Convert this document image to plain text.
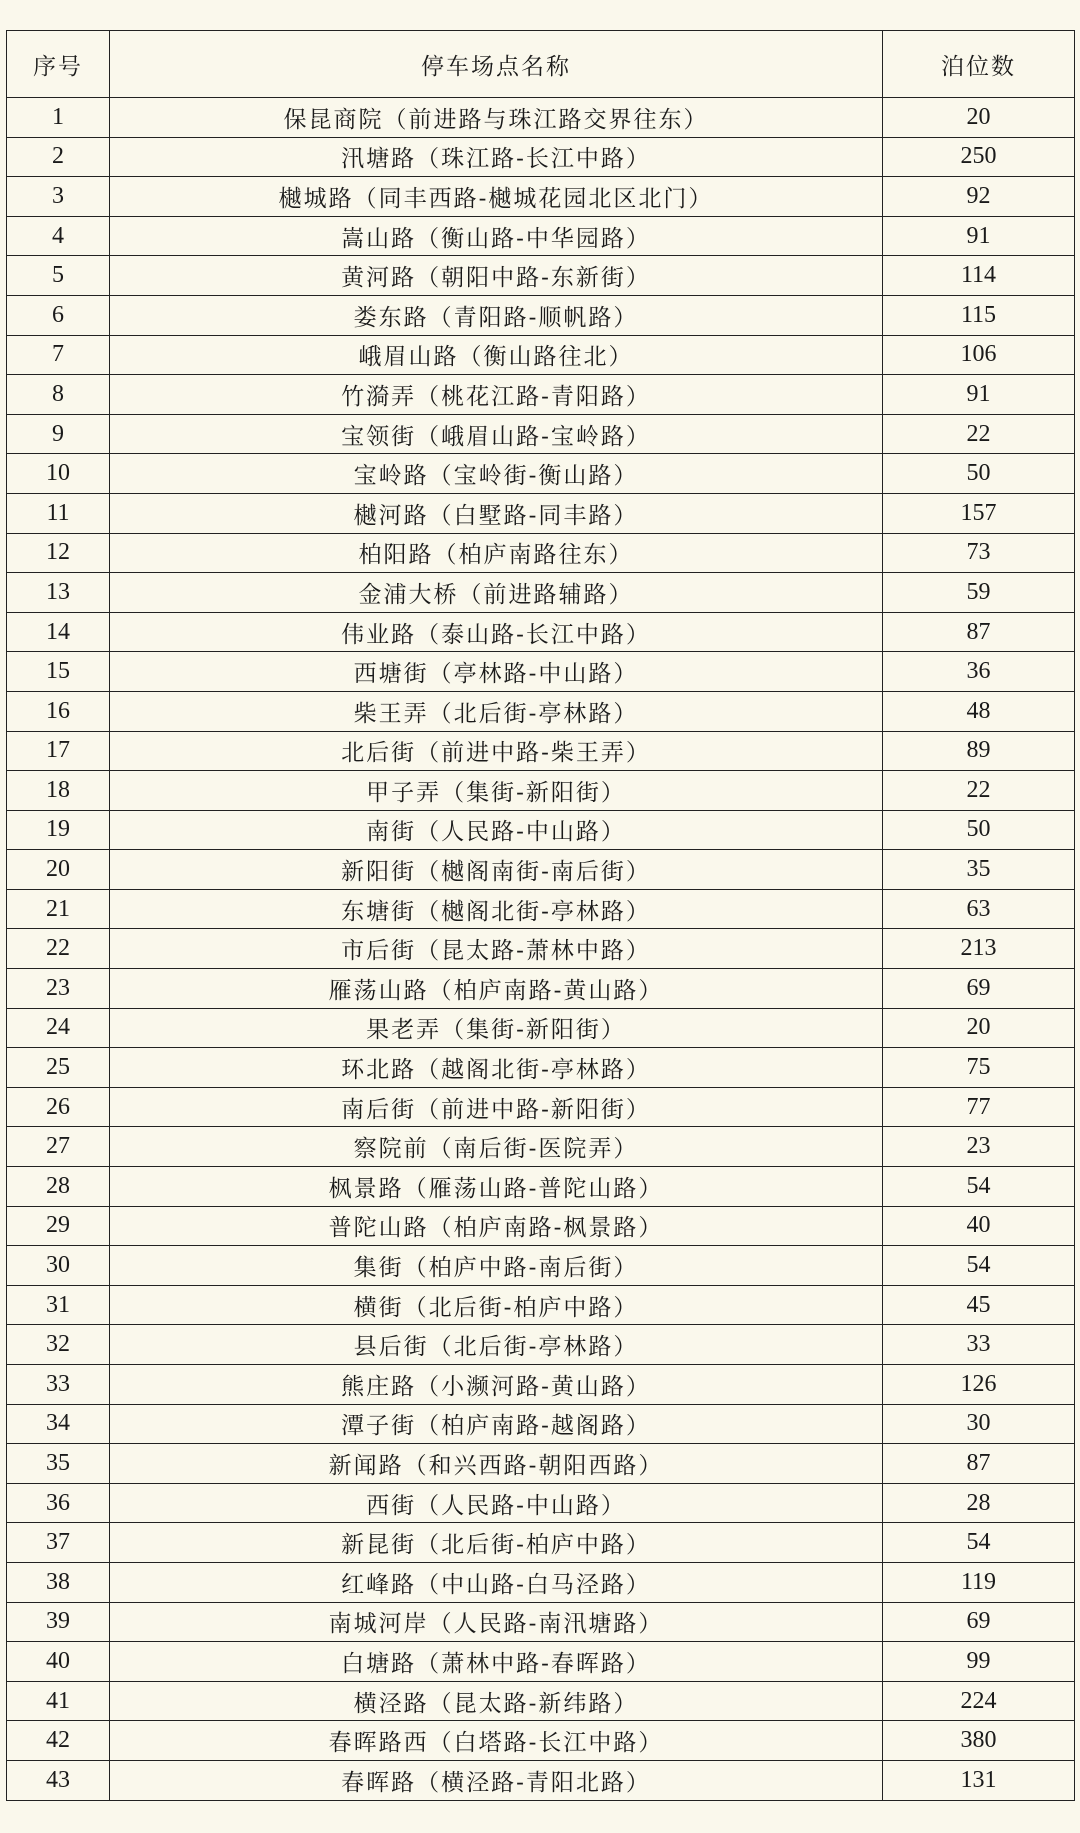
序号	停车场点名称	泊位数
1	保昆商院（前进路与珠江路交界往东）	20
2	汛塘路（珠江路-长江中路）	250
3	樾城路（同丰西路-樾城花园北区北门）	92
4	嵩山路（衡山路-中华园路）	91
5	黄河路（朝阳中路-东新街）	114
6	娄东路（青阳路-顺帆路）	115
7	峨眉山路（衡山路往北）	106
8	竹漪弄（桃花江路-青阳路）	91
9	宝领街（峨眉山路-宝岭路）	22
10	宝岭路（宝岭街-衡山路）	50
11	樾河路（白墅路-同丰路）	157
12	柏阳路（柏庐南路往东）	73
13	金浦大桥（前进路辅路）	59
14	伟业路（泰山路-长江中路）	87
15	西塘街（亭林路-中山路）	36
16	柴王弄（北后街-亭林路）	48
17	北后街（前进中路-柴王弄）	89
18	甲子弄（集街-新阳街）	22
19	南街（人民路-中山路）	50
20	新阳街（樾阁南街-南后街）	35
21	东塘街（樾阁北街-亭林路）	63
22	市后街（昆太路-萧林中路）	213
23	雁荡山路（柏庐南路-黄山路）	69
24	果老弄（集街-新阳街）	20
25	环北路（越阁北街-亭林路）	75
26	南后街（前进中路-新阳街）	77
27	察院前（南后街-医院弄）	23
28	枫景路（雁荡山路-普陀山路）	54
29	普陀山路（柏庐南路-枫景路）	40
30	集街（柏庐中路-南后街）	54
31	横街（北后街-柏庐中路）	45
32	县后街（北后街-亭林路）	33
33	熊庄路（小濒河路-黄山路）	126
34	潭子街（柏庐南路-越阁路）	30
35	新闻路（和兴西路-朝阳西路）	87
36	西街（人民路-中山路）	28
37	新昆街（北后街-柏庐中路）	54
38	红峰路（中山路-白马泾路）	119
39	南城河岸（人民路-南汛塘路）	69
40	白塘路（萧林中路-春晖路）	99
41	横泾路（昆太路-新纬路）	224
42	春晖路西（白塔路-长江中路）	380
43	春晖路（横泾路-青阳北路）	131
